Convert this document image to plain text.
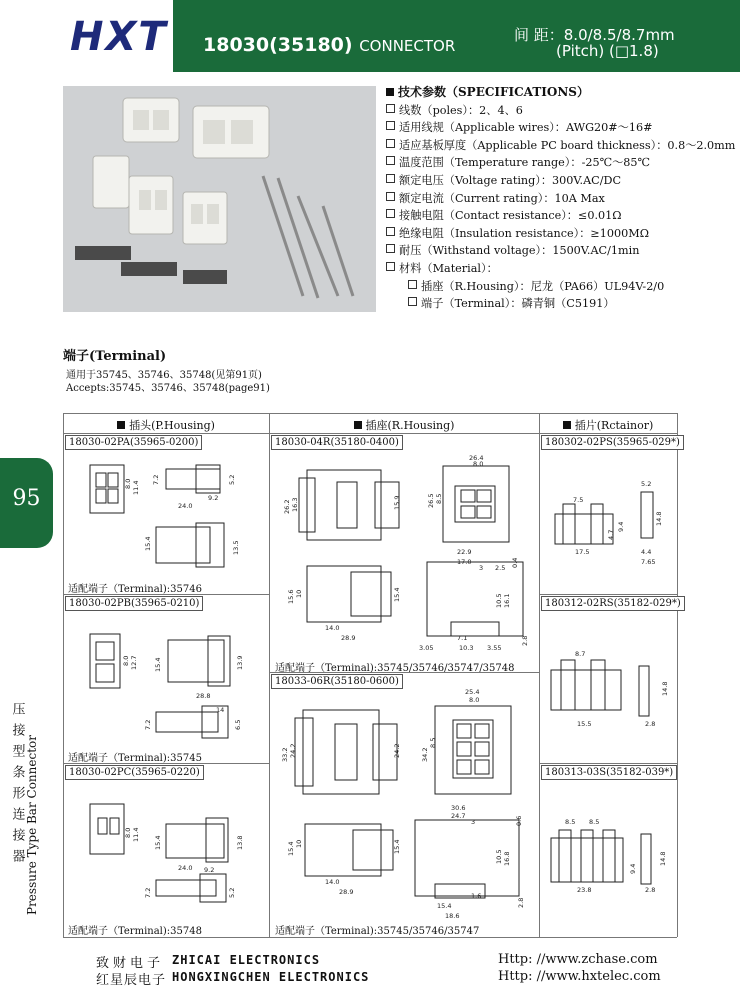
HXT 18030(35180) CONNECTOR
间 距：8.0/8.5/8.7mm
(Pitch) (□1.8)
技术参数（SPECIFICATIONS）
线数（poles）：2、4、6
适用线规（Applicable wires）：AWG20#～16#
适应基板厚度（Applicable PC board thickness）：0.8～2.0mm
温度范围（Temperature range）：-25℃～85℃
额定电压（Voltage rating）：300V.AC/DC
额定电流（Current rating）：10A Max
接触电阻（Contact resistance）：≤0.01Ω
绝缘电阻（Insulation resistance）：≥1000MΩ
耐压（Withstand voltage）：1500V.AC/1min
材料（Material）：
插座（R.Housing）：尼龙（PA66）UL94V-2/0
端子（Terminal）：磷青铜（C5191）
端子(Terminal)
通用于35745、35746、35748(见第91页)
Accepts:35745、35746、35748(page91)
95
压接型条形连接器 Pressure Type Bar Connector
插头(P.Housing)	插座(R.Housing)	插片(Rctainor)
18030-02PA(35965-0200)	18030-04R(35180-0400)	180302-02PS(35965-029*)
18030-02PB(35965-0210)	180312-02RS(35182-029*)
18033-06R(35180-0600)
18030-02PC(35965-0220)	180313-03S(35182-039*)
适配端子（Terminal):35746
适配端子（Terminal):35745
适配端子（Terminal):35748
适配端子（Terminal):35745/35746/35747/35748
适配端子（Terminal):35745/35746/35747
8.0 11.4
7.2	5.2
9.2
24.0
15.4	13.5
26.4
8.0
26.2 16.3	15.9	26.5 8.5
22.9
17.0
3 2.5 0.4
15.6 10	15.4	10.5 16.1
14.0
28.9
3.05
7.1
10.3 3.55
2.8
5.2
7.5
14.8
4.7
9.4
17.5	4.4
7.65
8.0 12.7 15.4	13.9
28.8
14
7.2	6.5
8.7
14.8
15.5	2.8
25.4
8.0
33.2 24.2	24.2	34.2
8.5
30.6
24.7
3	0.6
15.4 10	15.4
10.5 16.8
14.0
28.9
15.4
18.6
1.6
2.8
8.5 8.5
9.4
14.8
23.8	2.8
8.0 11.4
15.4	13.8
24.0 9.2
7.2	5.2
致财电子 ZHICAI ELECTRONICS	Http: //www.zchase.com
红星辰电子 HONGXINGCHEN ELECTRONICS	Http: //www.hxtelec.com
